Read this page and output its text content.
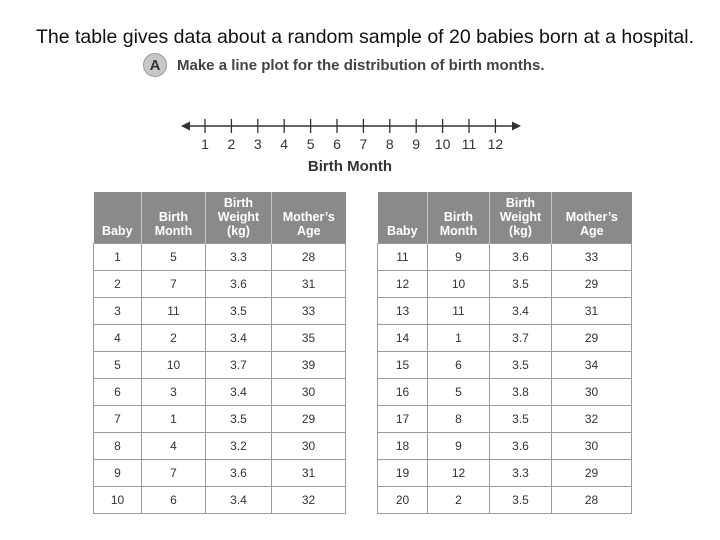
The table gives data about a random sample of 20 babies born at a hospital.
A	Make a line plot for the distribution of birth months.
1 2 3 4 5 6 7 8 9 10 11 12
Birth Month
Baby	Birth Month	Birth Weight (kg)	Mother’s Age
1	5	3.3	28
2	7	3.6	31
3	11	3.5	33
4	2	3.4	35
5	10	3.7	39
6	3	3.4	30
7	1	3.5	29
8	4	3.2	30
9	7	3.6	31
10	6	3.4	32
Baby	Birth Month	Birth Weight (kg)	Mother’s Age
11	9	3.6	33
12	10	3.5	29
13	11	3.4	31
14	1	3.7	29
15	6	3.5	34
16	5	3.8	30
17	8	3.5	32
18	9	3.6	30
19	12	3.3	29
20	2	3.5	28
